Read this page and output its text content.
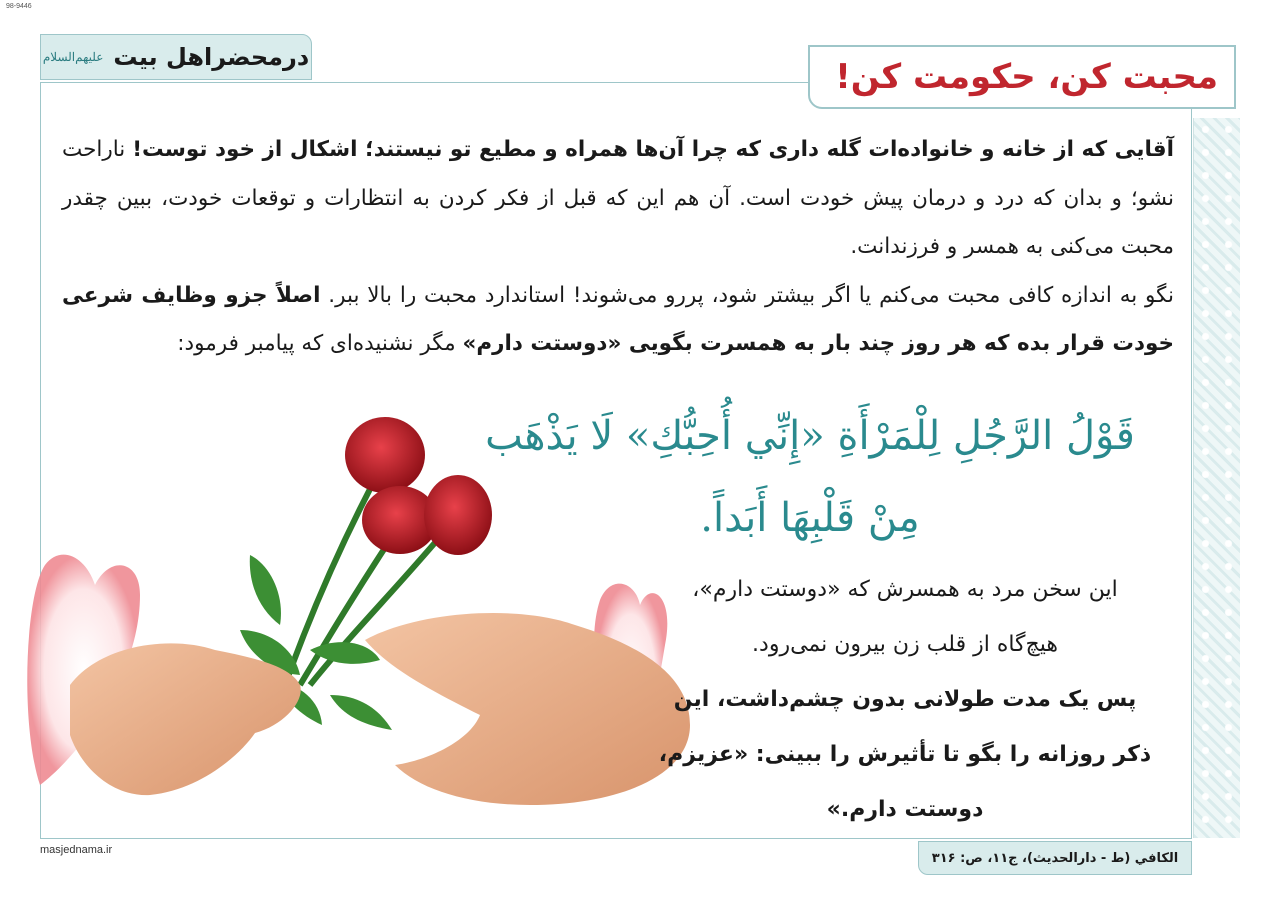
98-9446
درمحضراهل بیت
علیهم‌السلام	محبت کن، حکومت کن!
آقایی که از خانه و خانواده‌ات گله داری که چرا آن‌ها همراه و مطیع تو نیستند؛ اشکال از خود توست! ناراحت نشو؛ و بدان که درد و درمان پیش خودت است. آن هم این که قبل از فکر کردن به انتظارات و توقعات خودت، ببین چقدر محبت می‌کنی به همسر و فرزندانت.
نگو به اندازه کافی محبت می‌کنم یا اگر بیشتر شود، پررو می‌شوند! استاندارد محبت را بالا ببر. اصلاً جزو وظایف شرعی خودت قرار بده که هر روز چند بار به همسرت بگویی «دوستت دارم» مگر نشنیده‌ای که پیامبر فرمود:
قَوْلُ الرَّجُلِ لِلْمَرْأَةِ «إِنِّي أُحِبُّكِ» لَا يَذْهَب
مِنْ قَلْبِهَا أَبَداً.
این سخن مرد به همسرش که «دوستت دارم»،
هیچ‌گاه از قلب زن بیرون نمی‌رود.
پس یک مدت طولانی بدون چشم‌داشت، این
ذکر روزانه را بگو تا تأثیرش را ببینی: «عزیزم،
دوستت دارم.»
masjednama.ir
الکافي (ط - دارالحديث)، ج۱۱، ص: ۳۱۶
